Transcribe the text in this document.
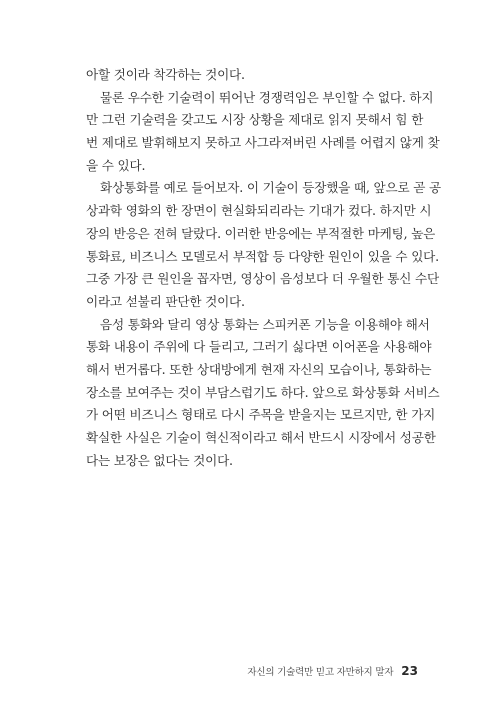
아할 것이라 착각하는 것이다.
물론 우수한 기술력이 뛰어난 경쟁력임은 부인할 수 없다. 하지
만 그런 기술력을 갖고도 시장 상황을 제대로 읽지 못해서 힘 한
번 제대로 발휘해보지 못하고 사그라져버린 사례를 어렵지 않게 찾
을 수 있다.
화상통화를 예로 들어보자. 이 기술이 등장했을 때, 앞으로 곧 공
상과학 영화의 한 장면이 현실화되리라는 기대가 컸다. 하지만 시
장의 반응은 전혀 달랐다. 이러한 반응에는 부적절한 마케팅, 높은
통화료, 비즈니스 모델로서 부적합 등 다양한 원인이 있을 수 있다.
그중 가장 큰 원인을 꼽자면, 영상이 음성보다 더 우월한 통신 수단
이라고 섣불리 판단한 것이다.
음성 통화와 달리 영상 통화는 스피커폰 기능을 이용해야 해서
통화 내용이 주위에 다 들리고, 그러기 싫다면 이어폰을 사용해야
해서 번거롭다. 또한 상대방에게 현재 자신의 모습이나, 통화하는
장소를 보여주는 것이 부담스럽기도 하다. 앞으로 화상통화 서비스
가 어떤 비즈니스 형태로 다시 주목을 받을지는 모르지만, 한 가지
확실한 사실은 기술이 혁신적이라고 해서 반드시 시장에서 성공한
다는 보장은 없다는 것이다.
자신의 기술력만 믿고 자만하지 말자 23
